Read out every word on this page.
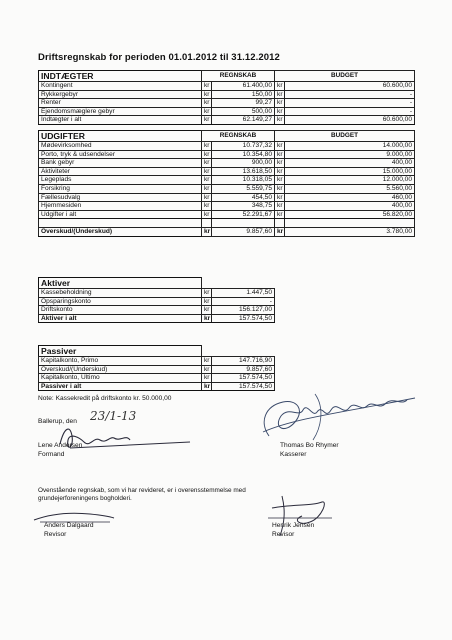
Driftsregnskab for perioden 01.01.2012 til 31.12.2012
INDTÆGTER	REGNSKAB		BUDGET	
Kontingent	kr	61.400,00	kr	60.600,00
Rykkergebyr	kr	150,00	kr	-
Renter	kr	99,27	kr	-
Ejendomsmæglere gebyr	kr	500,00	kr	-
Indtægter i alt	kr	62.149,27	kr	60.600,00

UDGIFTER	REGNSKAB		BUDGET	
Mødevirksomhed	kr	10.737,32	kr	14.000,00
Porto, tryk & udsendelser	kr	10.354,80	kr	9.000,00
Bank gebyr	kr	900,00	kr	400,00
Aktiviteter	kr	13.618,50	kr	15.000,00
Legeplads	kr	10.318,05	kr	12.000,00
Forsikring	kr	5.559,75	kr	5.560,00
Fællesudvalg	kr	454,50	kr	460,00
Hjemmesiden	kr	348,75	kr	400,00
Udgifter i alt	kr	52.291,67	kr	56.820,00

Overskud/(Underskud)	kr	9.857,60	kr	3.780,00
Aktiver		
Kassebeholdning	kr	1.447,50
Opsparingskonto	kr	-
Driftskonto	kr	156.127,00
Aktiver i alt	kr	157.574,50
Passiver		
Kapitalkonto, Primo	kr	147.716,90
Overskud/(Underskud)	kr	9.857,60
Kapitalkonto, Ultimo	kr	157.574,50
Passiver i alt	kr	157.574,50
Note: Kassekredit på driftskonto kr. 50.000,00
Ballerup, den 23/1-13
Lene Andersen
Formand
Thomas Bo Rhymer
Kasserer
Ovenstående regnskab, som vi har revideret, er i overensstemmelse med
grundejerforeningens bogholderi.
Anders Dalgaard
Revisor
Henrik Jensen
Revisor
